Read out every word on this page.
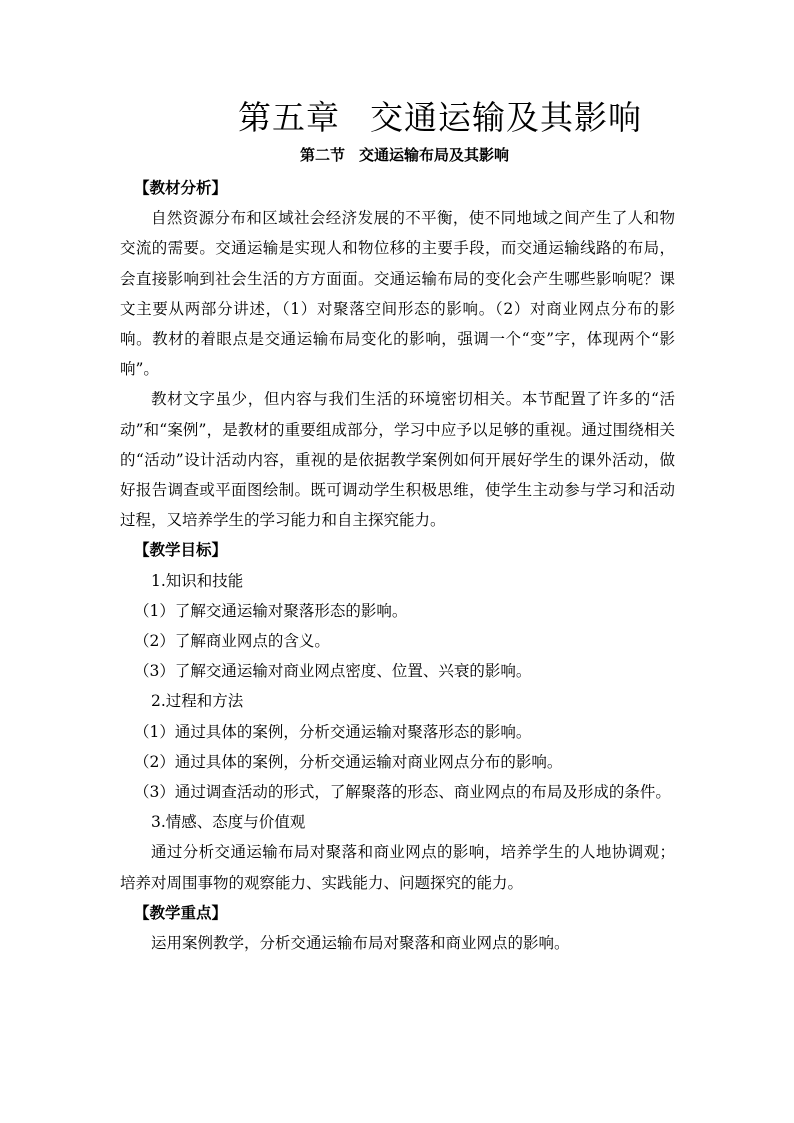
第五章 交通运输及其影响
第二节 交通运输布局及其影响

【教材分析】

自然资源分布和区域社会经济发展的不平衡，使不同地域之间产生了人和物交流的需要。交通运输是实现人和物位移的主要手段，而交通运输线路的布局，会直接影响到社会生活的方方面面。交通运输布局的变化会产生哪些影响呢？课文主要从两部分讲述，（1）对聚落空间形态的影响。（2）对商业网点分布的影响。教材的着眼点是交通运输布局变化的影响，强调一个“变”字，体现两个“影响”。

教材文字虽少，但内容与我们生活的环境密切相关。本节配置了许多的“活动”和“案例”，是教材的重要组成部分，学习中应予以足够的重视。通过围绕相关的“活动”设计活动内容，重视的是依据教学案例如何开展好学生的课外活动，做好报告调查或平面图绘制。既可调动学生积极思维，使学生主动参与学习和活动过程，又培养学生的学习能力和自主探究能力。

【教学目标】

1.知识和技能

（1）了解交通运输对聚落形态的影响。

（2）了解商业网点的含义。

（3）了解交通运输对商业网点密度、位置、兴衰的影响。

2.过程和方法

（1）通过具体的案例，分析交通运输对聚落形态的影响。

（2）通过具体的案例，分析交通运输对商业网点分布的影响。

（3）通过调查活动的形式，了解聚落的形态、商业网点的布局及形成的条件。

3.情感、态度与价值观

通过分析交通运输布局对聚落和商业网点的影响，培养学生的人地协调观；培养对周围事物的观察能力、实践能力、问题探究的能力。

【教学重点】

运用案例教学，分析交通运输布局对聚落和商业网点的影响。
